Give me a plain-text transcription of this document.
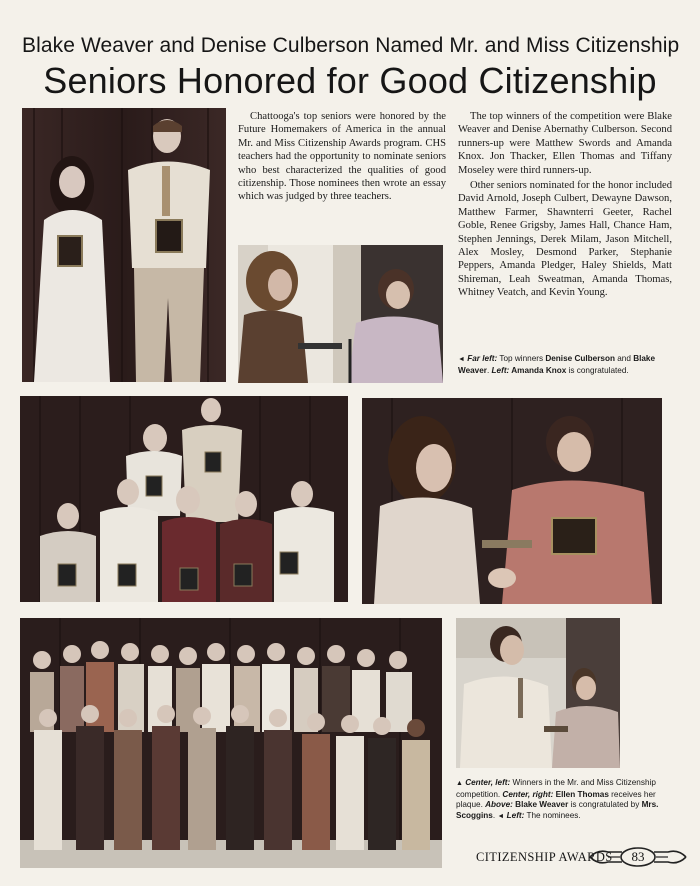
Blake Weaver and Denise Culberson Named Mr. and Miss Citizenship
Seniors Honored for Good Citizenship

Chattooga's top seniors were honored by the Future Homemakers of America in the annual Mr. and Miss Citizenship Awards program. CHS teachers had the opportunity to nominate seniors who best characterized the qualities of good citizenship. Those nominees then wrote an essay which was judged by three teachers.

The top winners of the competition were Blake Weaver and Denise Abernathy Culberson. Second runners-up were Matthew Swords and Amanda Knox. Jon Thacker, Ellen Thomas and Tiffany Moseley were third runners-up.

Other seniors nominated for the honor included David Arnold, Joseph Culbert, Dewayne Dawson, Matthew Farmer, Shawnterri Geeter, Rachel Goble, Renee Grigsby, James Hall, Chance Ham, Stephen Jennings, Derek Milam, Jason Mitchell, Alex Mosley, Desmond Parker, Stephanie Peppers, Amanda Pledger, Haley Shields, Matt Shireman, Leah Sweatman, Amanda Thomas, Whitney Veatch, and Kevin Young.

◄ Far left: Top winners Denise Culberson and Blake Weaver. Left: Amanda Knox is congratulated.
▲ Center, left: Winners in the Mr. and Miss Citizenship competition. Center, right: Ellen Thomas receives her plaque. Above: Blake Weaver is congratulated by Mrs. Scoggins. ◄ Left: The nominees.
CITIZENSHIP AWARDS	83
